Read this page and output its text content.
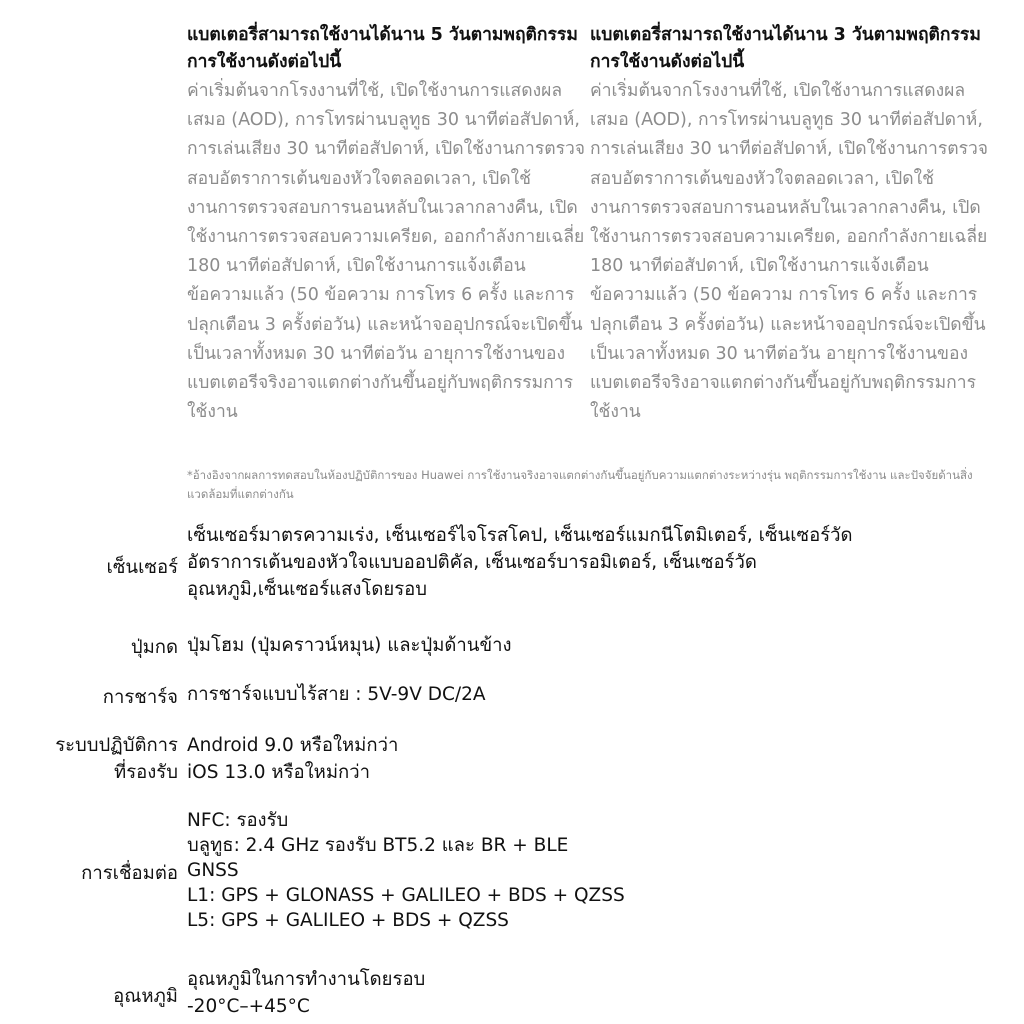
แบตเตอรี่สามารถใช้งานได้นาน 5 วันตามพฤติกรรมการใช้งานดังต่อไปนี้
ค่าเริ่มต้นจากโรงงานที่ใช้, เปิดใช้งานการแสดงผลเสมอ (AOD), การโทรผ่านบลูทูธ 30 นาทีต่อสัปดาห์, การเล่นเสียง 30 นาทีต่อสัปดาห์, เปิดใช้งานการตรวจสอบอัตราการเต้นของหัวใจตลอดเวลา, เปิดใช้งานการตรวจสอบการนอนหลับในเวลากลางคืน, เปิดใช้งานการตรวจสอบความเครียด, ออกกำลังกายเฉลี่ย 180 นาทีต่อสัปดาห์, เปิดใช้งานการแจ้งเตือนข้อความแล้ว (50 ข้อความ การโทร 6 ครั้ง และการปลุกเตือน 3 ครั้งต่อวัน) และหน้าจออุปกรณ์จะเปิดขึ้นเป็นเวลาทั้งหมด 30 นาทีต่อวัน อายุการใช้งานของแบตเตอรีจริงอาจแตกต่างกันขึ้นอยู่กับพฤติกรรมการใช้งาน
แบตเตอรี่สามารถใช้งานได้นาน 3 วันตามพฤติกรรมการใช้งานดังต่อไปนี้
ค่าเริ่มต้นจากโรงงานที่ใช้, เปิดใช้งานการแสดงผลเสมอ (AOD), การโทรผ่านบลูทูธ 30 นาทีต่อสัปดาห์, การเล่นเสียง 30 นาทีต่อสัปดาห์, เปิดใช้งานการตรวจสอบอัตราการเต้นของหัวใจตลอดเวลา, เปิดใช้งานการตรวจสอบการนอนหลับในเวลากลางคืน, เปิดใช้งานการตรวจสอบความเครียด, ออกกำลังกายเฉลี่ย 180 นาทีต่อสัปดาห์, เปิดใช้งานการแจ้งเตือนข้อความแล้ว (50 ข้อความ การโทร 6 ครั้ง และการปลุกเตือน 3 ครั้งต่อวัน) และหน้าจออุปกรณ์จะเปิดขึ้นเป็นเวลาทั้งหมด 30 นาทีต่อวัน อายุการใช้งานของแบตเตอรีจริงอาจแตกต่างกันขึ้นอยู่กับพฤติกรรมการใช้งาน
*อ้างอิงจากผลการทดสอบในห้องปฏิบัติการของ Huawei การใช้งานจริงอาจแตกต่างกันขึ้นอยู่กับความแตกต่างระหว่างรุ่น พฤติกรรมการใช้งาน และปัจจัยด้านสิ่งแวดล้อมที่แตกต่างกัน
เซ็นเซอร์
เซ็นเซอร์มาตรความเร่ง, เซ็นเซอร์ไจโรสโคป, เซ็นเซอร์แมกนีโตมิเตอร์, เซ็นเซอร์วัด
อัตราการเต้นของหัวใจแบบออปติคัล, เซ็นเซอร์บารอมิเตอร์, เซ็นเซอร์วัด
อุณหภูมิ,เซ็นเซอร์แสงโดยรอบ
ปุ่มกด ปุ่มโฮม (ปุ่มคราวน์หมุน) และปุ่มด้านข้าง
การชาร์จ การชาร์จแบบไร้สาย : 5V-9V DC/2A
ระบบปฏิบัติการ
ที่รองรับ
Android 9.0 หรือใหม่กว่า
iOS 13.0 หรือใหม่กว่า
การเชื่อมต่อ
NFC: รองรับ
บลูทูธ: 2.4 GHz รองรับ BT5.2 และ BR + BLE
GNSS
L1: GPS + GLONASS + GALILEO + BDS + QZSS
L5: GPS + GALILEO + BDS + QZSS
อุณหภูมิ
อุณหภูมิในการทำงานโดยรอบ
-20°C–+45°C
